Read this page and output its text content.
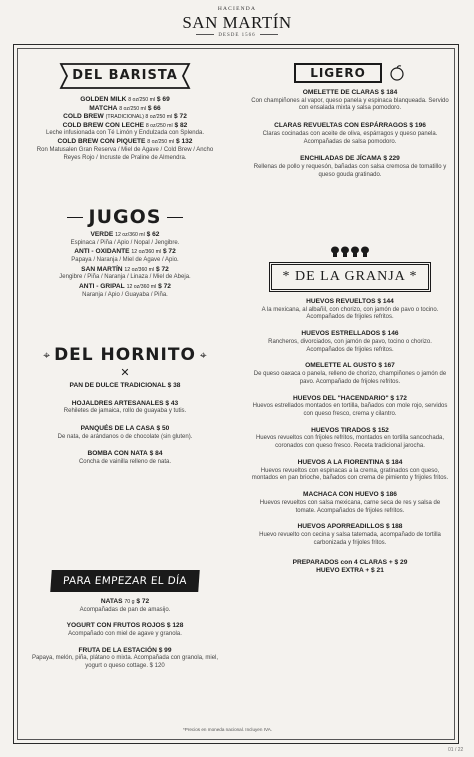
HACIENDA
SAN MARTÍN
DESDE 1566
DEL BARISTA
GOLDEN MILK 8 oz/250 ml $ 69
MATCHA 8 oz/250 ml $ 66
COLD BREW (TRADICIONAL) 8 oz/250 ml $ 72
COLD BREW CON LECHE 8 oz/250 ml $ 82
Leche infusionada con Té Limón y Endulzada con Splenda.
COLD BREW CON PIQUETE 8 oz/250 ml $ 132
Ron Matusalen Gran Reserva / Miel de Agave / Cold Brew / Ancho Reyes Rojo / Incruste de Praline de Almendra.
JUGOS
VERDE 12 oz/360 ml $ 62
Espinaca / Piña / Apio / Nopal / Jengibre.
ANTI - OXIDANTE 12 oz/360 ml $ 72
Papaya / Naranja / Miel de Agave / Apio.
SAN MARTÍN 12 oz/360 ml $ 72
Jengibre / Piña / Naranja / Linaza / Miel de Abeja.
ANTI - GRIPAL 12 oz/360 ml $ 72
Naranja / Apio / Guayaba / Piña.
⌖ DEL HORNITO ⌖
✕
PAN DE DULCE TRADICIONAL $ 38
HOJALDRES ARTESANALES $ 43
Rehiletes de jamaica, rollo de guayaba y tutis.
PANQUÉS DE LA CASA $ 50
De nata, de arándanos o de chocolate (sin gluten).
BOMBA CON NATA $ 84
Concha de vainilla relleno de nata.
PARA EMPEZAR EL DÍA
NATAS 70 g $ 72
Acompañadas de pan de amasijo.
YOGURT CON FRUTOS ROJOS $ 128
Acompañado con miel de agave y granola.
FRUTA DE LA ESTACIÓN $ 99
Papaya, melón, piña, plátano o mixta. Acompañada con granola, miel, yogurt o queso cottage. $ 120
LIGERO
OMELETTE DE CLARAS $ 184
Con champiñones al vapor, queso panela y espinaca blanqueada. Servido con ensalada mixta y salsa pomodoro.
CLARAS REVUELTAS CON ESPÁRRAGOS $ 196
Claras cocinadas con aceite de oliva, espárragos y queso panela. Acompañadas de salsa pomodoro.
ENCHILADAS DE JÍCAMA $ 229
Rellenas de pollo y requesón, bañadas con salsa cremosa de tomatillo y queso gouda gratinado.
* DE LA GRANJA *
HUEVOS REVUELTOS $ 144
A la mexicana, al albañil, con chorizo, con jamón de pavo o tocino. Acompañados de frijoles refritos.
HUEVOS ESTRELLADOS $ 146
Rancheros, divorciados, con jamón de pavo, tocino o chorizo. Acompañados de frijoles refritos.
OMELETTE AL GUSTO $ 167
De queso oaxaca o panela, relleno de chorizo, champiñones o jamón de pavo. Acompañado de frijoles refritos.
HUEVOS DEL "HACENDARIO" $ 172
Huevos estrellados montados en tortilla, bañados con mole rojo, servidos con queso fresco, crema y cilantro.
HUEVOS TIRADOS $ 152
Huevos revueltos con frijoles refritos, montados en tortilla sancochada, coronados con queso fresco. Receta tradicional jarocha.
HUEVOS A LA FIORENTINA $ 184
Huevos revueltos con espinacas a la crema, gratinados con queso, montados en pan brioche, bañados con crema de pimiento y frijoles fritos.
MACHACA CON HUEVO $ 186
Huevos revueltos con salsa mexicana, carne seca de res y salsa de tomate. Acompañados de frijoles refritos.
HUEVOS APORREADILLOS $ 188
Huevo revuelto con cecina y salsa tatemada, acompañado de tortilla carbonizada y frijoles fritos.
PREPARADOS con 4 CLARAS + $ 29
HUEVO EXTRA + $ 21
*Precios en moneda nacional. Incluyen IVA.
01 / 22
